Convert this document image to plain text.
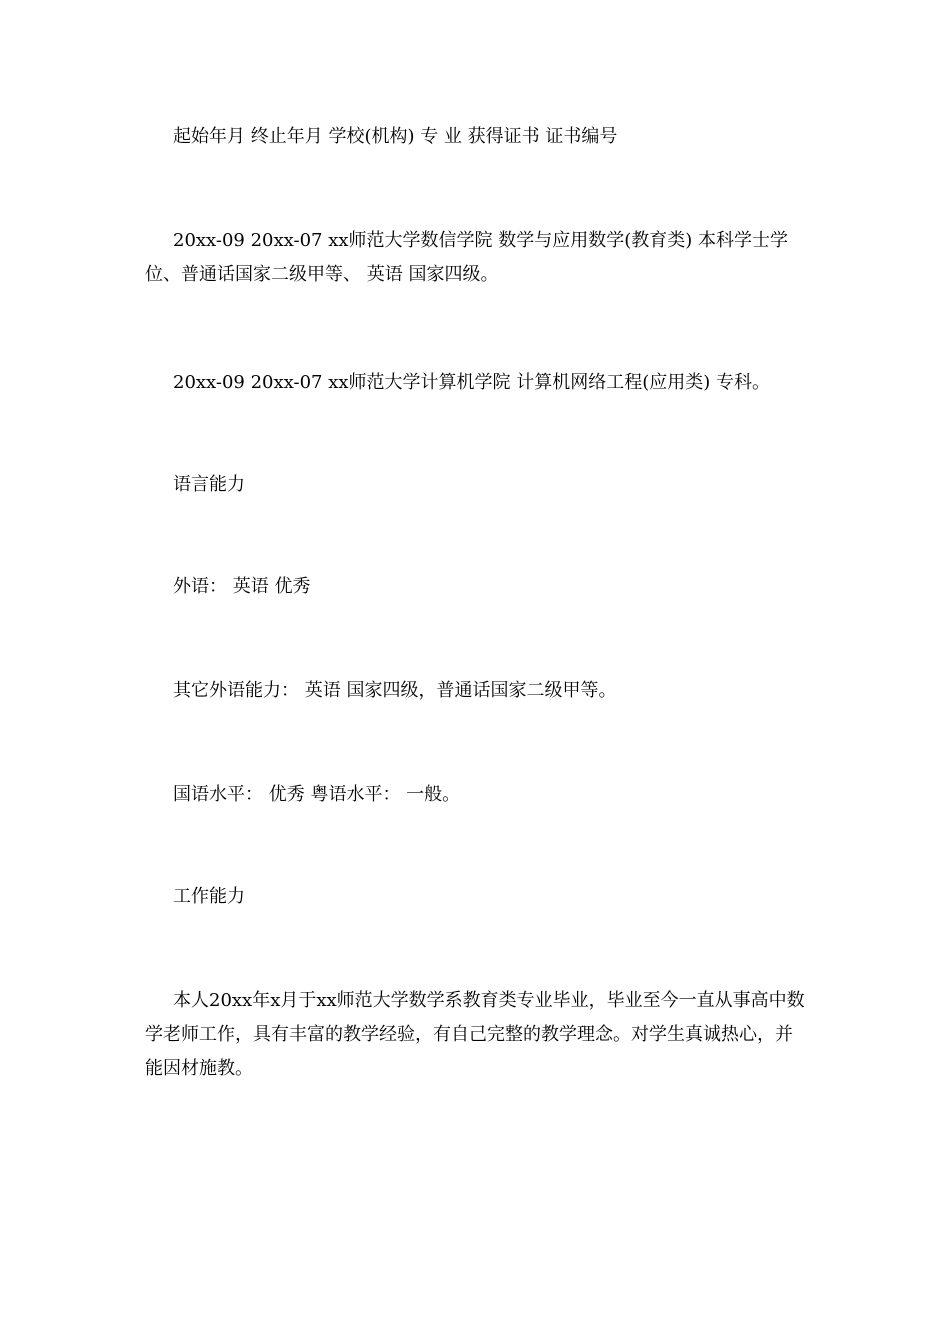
起始年月 终止年月 学校(机构) 专 业 获得证书 证书编号

20xx-09 20xx-07 xx师范大学数信学院 数学与应用数学(教育类) 本科学士学位、普通话国家二级甲等、 英语 国家四级。

20xx-09 20xx-07 xx师范大学计算机学院 计算机网络工程(应用类) 专科。

语言能力

外语： 英语 优秀

其它外语能力： 英语 国家四级，普通话国家二级甲等。

国语水平： 优秀 粤语水平： 一般。

工作能力

本人20xx年x月于xx师范大学数学系教育类专业毕业，毕业至今一直从事高中数学老师工作，具有丰富的教学经验，有自己完整的教学理念。对学生真诚热心，并能因材施教。
